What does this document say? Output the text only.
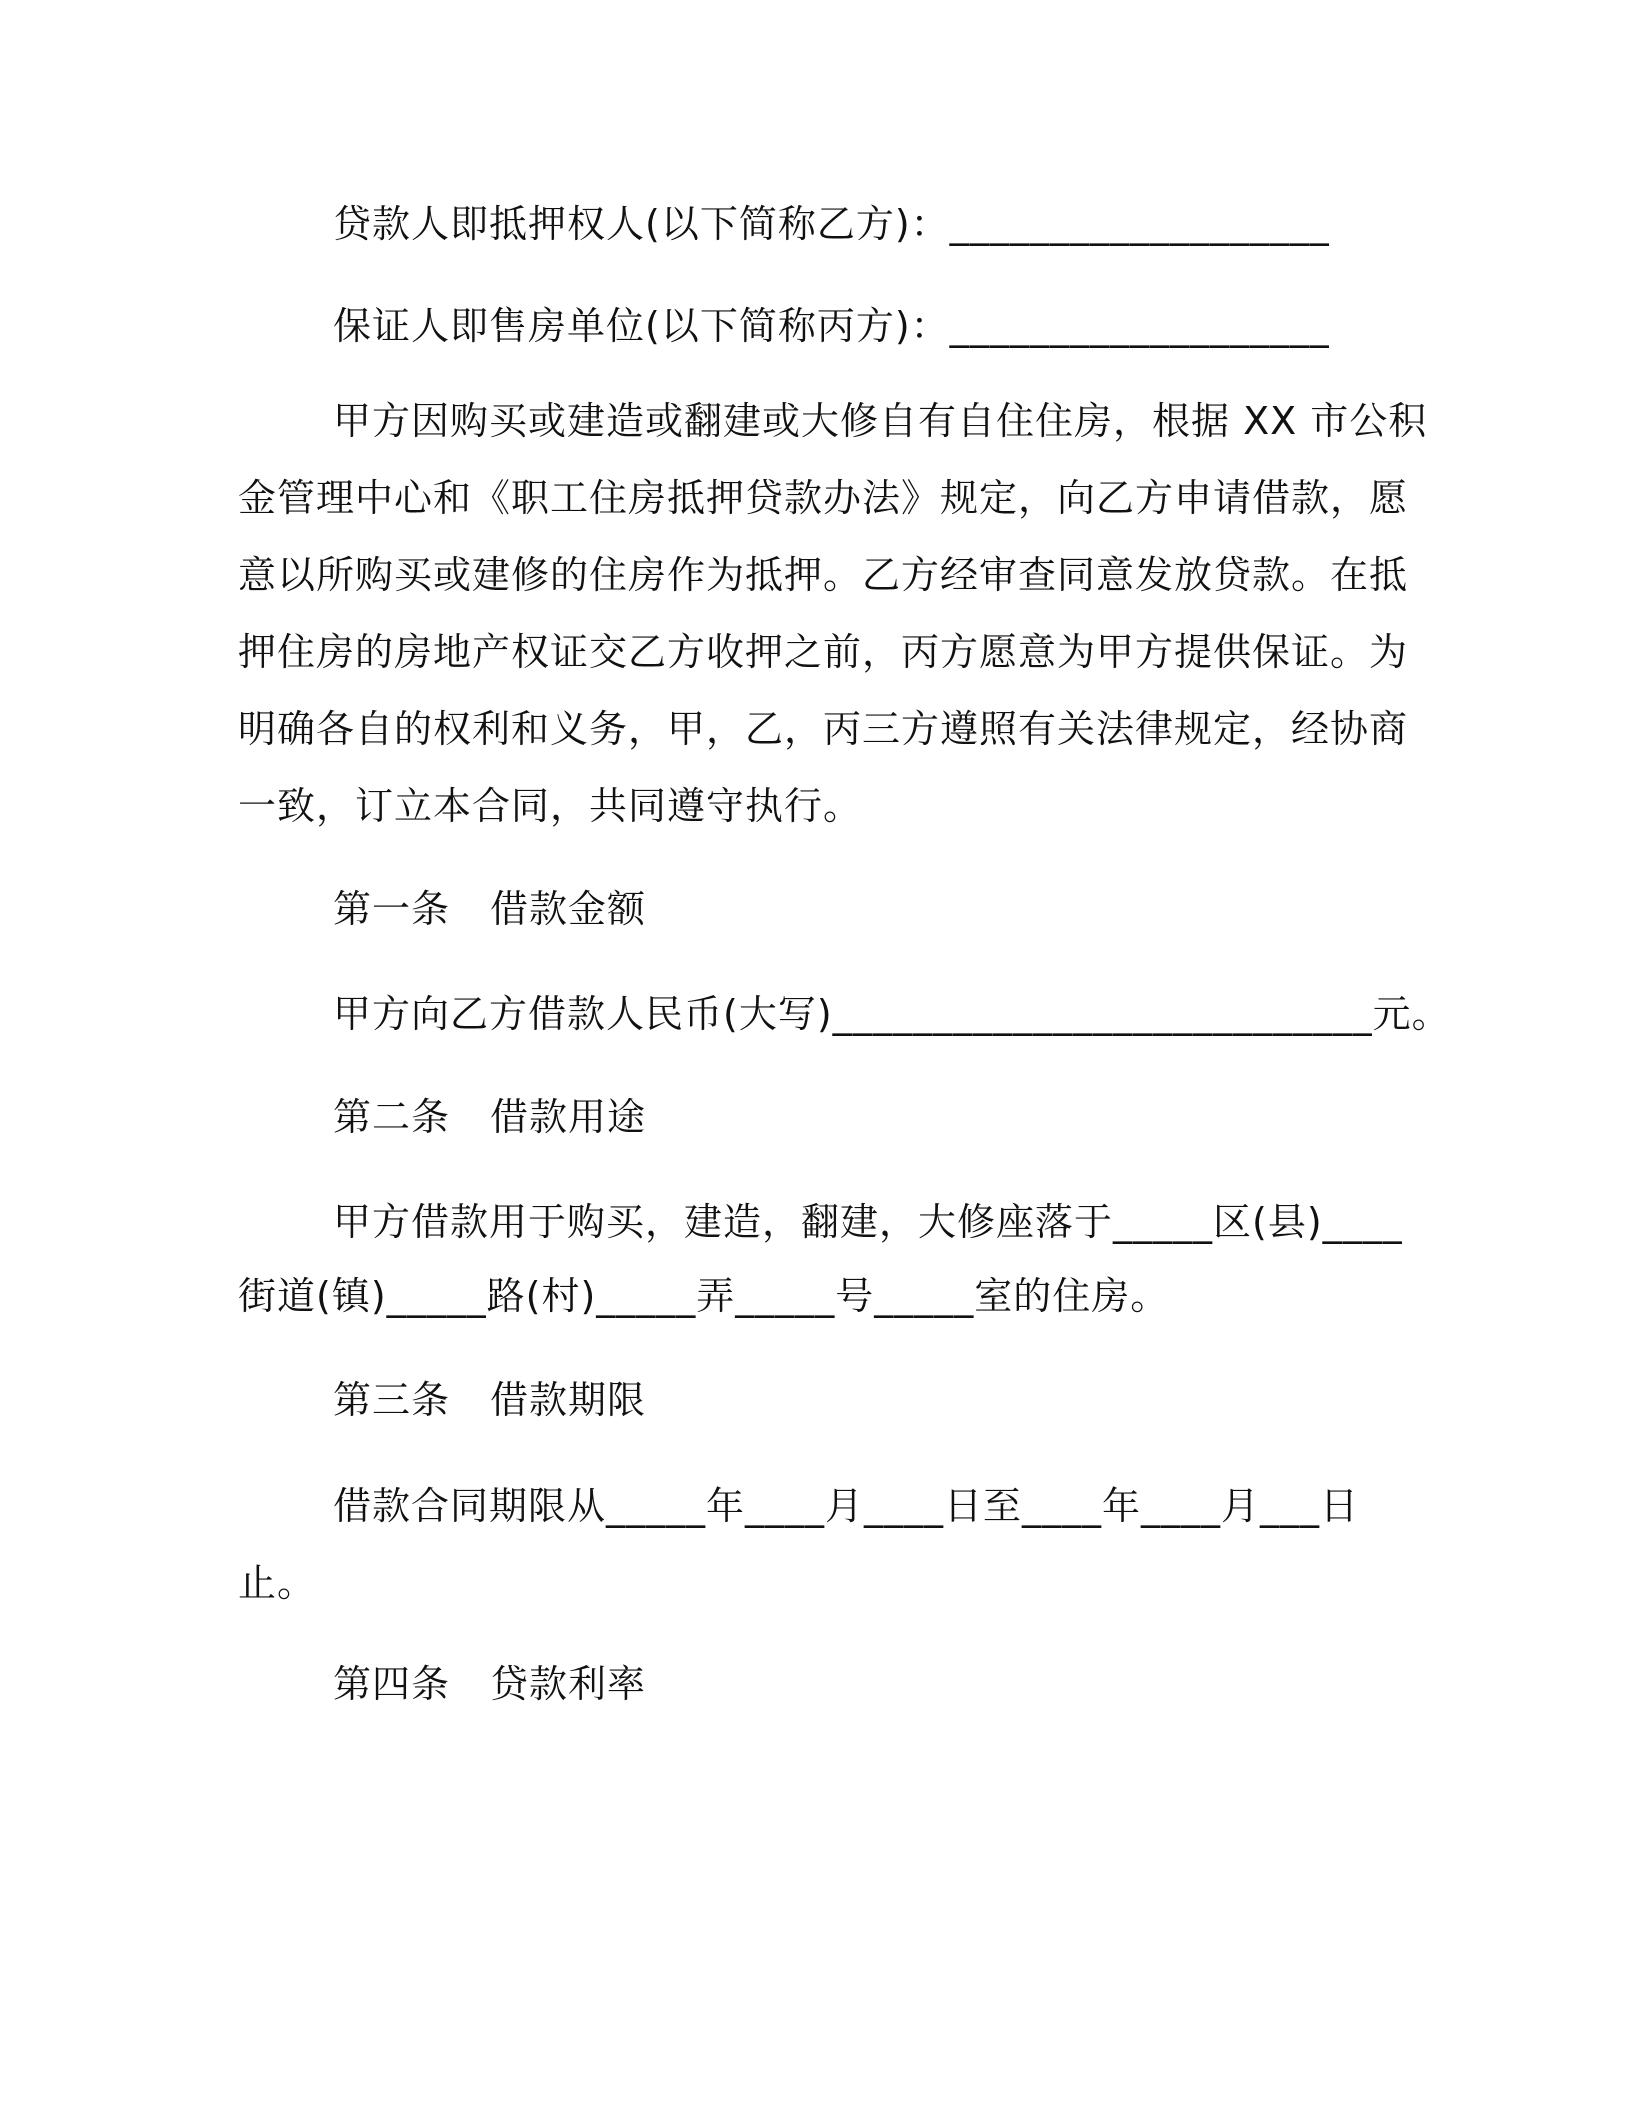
贷款人即抵押权人(以下简称乙方)：___________________
保证人即售房单位(以下简称丙方)：___________________
甲方因购买或建造或翻建或大修自有自住住房，根据 XX 市公积
金管理中心和《职工住房抵押贷款办法》规定，向乙方申请借款，愿
意以所购买或建修的住房作为抵押。乙方经审查同意发放贷款。在抵
押住房的房地产权证交乙方收押之前，丙方愿意为甲方提供保证。为
明确各自的权利和义务，甲，乙，丙三方遵照有关法律规定，经协商
一致，订立本合同，共同遵守执行。
第一条 借款金额
甲方向乙方借款人民币(大写)___________________________元。
第二条 借款用途
甲方借款用于购买，建造，翻建，大修座落于_____区(县)____
街道(镇)_____路(村)_____弄_____号_____室的住房。
第三条 借款期限
借款合同期限从_____年____月____日至____年____月___日
止。
第四条 贷款利率
